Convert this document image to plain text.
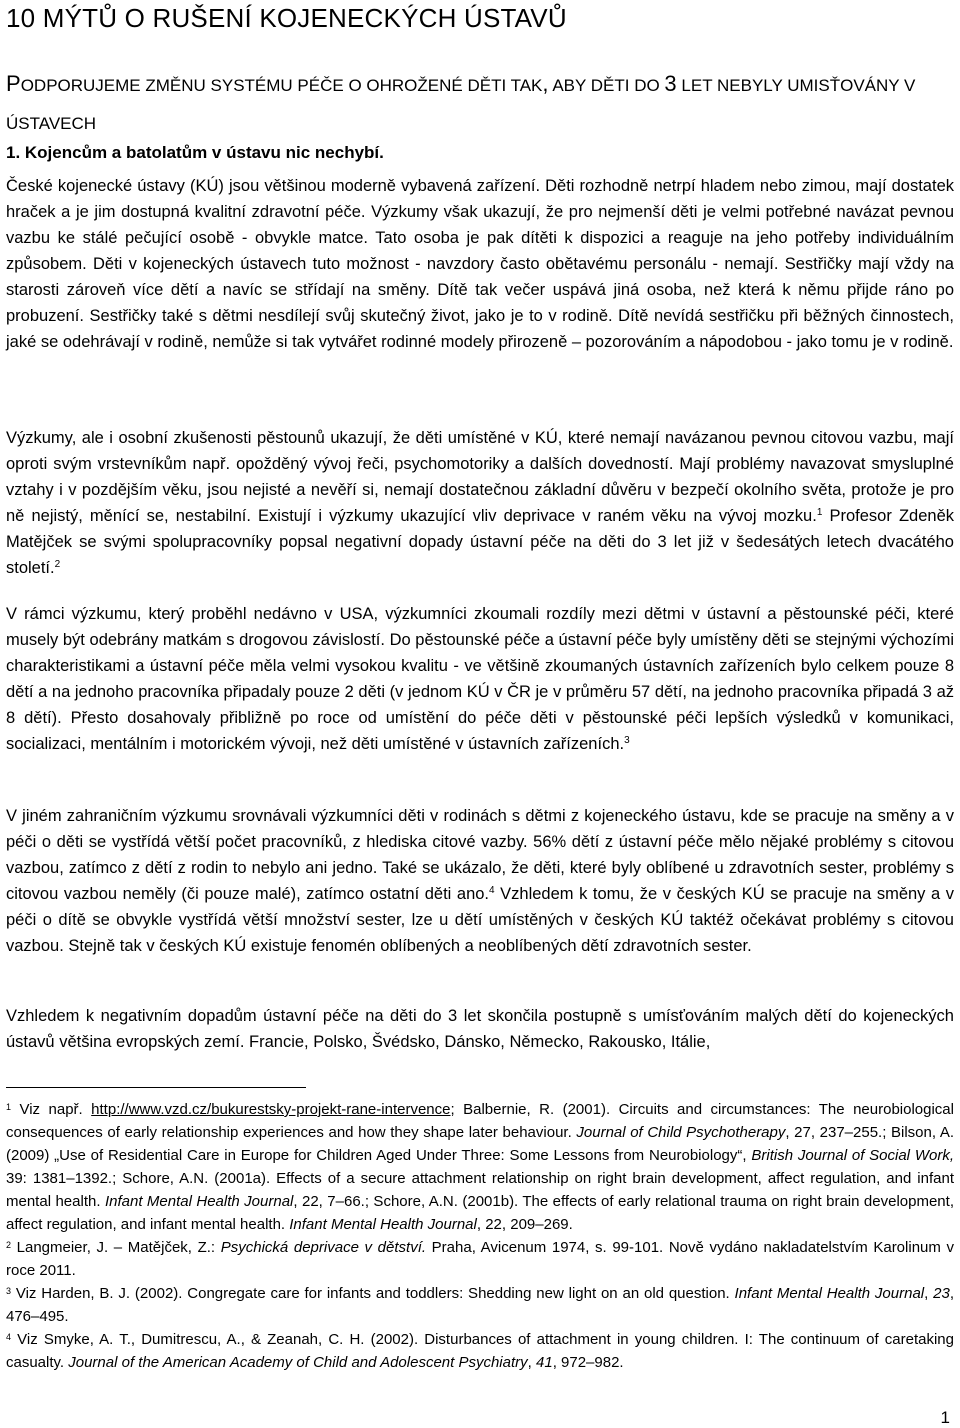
10 MÝTŮ O RUŠENÍ KOJENECKÝCH ÚSTAVŮ
PODPORUJEME ZMĚNU SYSTÉMU PÉČE O OHROŽENÉ DĚTI TAK, ABY DĚTI DO 3 LET NEBYLY UMISŤOVÁNY V ÚSTAVECH
1. Kojencům a batolatům v ústavu nic nechybí.

České kojenecké ústavy (KÚ) jsou většinou moderně vybavená zařízení. Děti rozhodně netrpí hladem nebo zimou, mají dostatek hraček a je jim dostupná kvalitní zdravotní péče. Výzkumy však ukazují, že pro nejmenší děti je velmi potřebné navázat pevnou vazbu ke stálé pečující osobě - obvykle matce. Tato osoba je pak dítěti k dispozici a reaguje na jeho potřeby individuálním způsobem. Děti v kojeneckých ústavech tuto možnost - navzdory často obětavému personálu - nemají. Sestřičky mají vždy na starosti zároveň více dětí a navíc se střídají na směny. Dítě tak večer uspává jiná osoba, než která k němu přijde ráno po probuzení. Sestřičky také s dětmi nesdílejí svůj skutečný život, jako je to v rodině. Dítě nevídá sestřičku při běžných činnostech, jaké se odehrávají v rodině, nemůže si tak vytvářet rodinné modely přirozeně – pozorováním a nápodobou - jako tomu je v rodině.

Výzkumy, ale i osobní zkušenosti pěstounů ukazují, že děti umístěné v KÚ, které nemají navázanou pevnou citovou vazbu, mají oproti svým vrstevníkům např. opožděný vývoj řeči, psychomotoriky a dalších dovedností. Mají problémy navazovat smysluplné vztahy i v pozdějším věku, jsou nejisté a nevěří si, nemají dostatečnou základní důvěru v bezpečí okolního světa, protože je pro ně nejistý, měnící se, nestabilní. Existují i výzkumy ukazující vliv deprivace v raném věku na vývoj mozku.$^1$ Profesor Zdeněk Matějček se svými spolupracovníky popsal negativní dopady ústavní péče na děti do 3 let již v šedesátých letech dvacátého století.$^2$

V rámci výzkumu, který proběhl nedávno v USA, výzkumníci zkoumali rozdíly mezi dětmi v ústavní a pěstounské péči, které musely být odebrány matkám s drogovou závislostí. Do pěstounské péče a ústavní péče byly umístěny děti se stejnými výchozími charakteristikami a ústavní péče měla velmi vysokou kvalitu - ve většině zkoumaných ústavních zařízeních bylo celkem pouze 8 dětí a na jednoho pracovníka připadaly pouze 2 děti (v jednom KÚ v ČR je v průměru 57 dětí, na jednoho pracovníka připadá 3 až 8 dětí). Přesto dosahovaly přibližně po roce od umístění do péče děti v pěstounské péči lepších výsledků v komunikaci, socializaci, mentálním i motorickém vývoji, než děti umístěné v ústavních zařízeních.$^3$

V jiném zahraničním výzkumu srovnávali výzkumníci děti v rodinách s dětmi z kojeneckého ústavu, kde se pracuje na směny a v péči o děti se vystřídá větší počet pracovníků, z hlediska citové vazby. 56% dětí z ústavní péče mělo nějaké problémy s citovou vazbou, zatímco z dětí z rodin to nebylo ani jedno. Také se ukázalo, že děti, které byly oblíbené u zdravotních sester, problémy s citovou vazbou neměly (či pouze malé), zatímco ostatní děti ano.$^4$ Vzhledem k tomu, že v českých KÚ se pracuje na směny a v péči o dítě se obvykle vystřídá větší množství sester, lze u dětí umístěných v českých KÚ taktéž očekávat problémy s citovou vazbou. Stejně tak v českých KÚ existuje fenomén oblíbených a neoblíbených dětí zdravotních sester.

Vzhledem k negativním dopadům ústavní péče na děti do 3 let skončila postupně s umísťováním malých dětí do kojeneckých ústavů většina evropských zemí. Francie, Polsko, Švédsko, Dánsko, Německo, Rakousko, Itálie,

$^1$ Viz např. http://www.vzd.cz/bukurestsky-projekt-rane-intervence; Balbernie, R. (2001). Circuits and circumstances: The neurobiological consequences of early relationship experiences and how they shape later behaviour. Journal of Child Psychotherapy, 27, 237–255.; Bilson, A. (2009) „Use of Residential Care in Europe for Children Aged Under Three: Some Lessons from Neurobiology“, British Journal of Social Work, 39: 1381–1392.; Schore, A.N. (2001a). Effects of a secure attachment relationship on right brain development, affect regulation, and infant mental health. Infant Mental Health Journal, 22, 7–66.; Schore, A.N. (2001b). The effects of early relational trauma on right brain development, affect regulation, and infant mental health. Infant Mental Health Journal, 22, 209–269.

$^2$ Langmeier, J. – Matějček, Z.: Psychická deprivace v dětství. Praha, Avicenum 1974, s. 99-101. Nově vydáno nakladatelstvím Karolinum v roce 2011.

$^3$ Viz Harden, B. J. (2002). Congregate care for infants and toddlers: Shedding new light on an old question. Infant Mental Health Journal, 23, 476–495.

$^4$ Viz Smyke, A. T., Dumitrescu, A., & Zeanah, C. H. (2002). Disturbances of attachment in young children. I: The continuum of caretaking casualty. Journal of the American Academy of Child and Adolescent Psychiatry, 41, 972–982.

1
